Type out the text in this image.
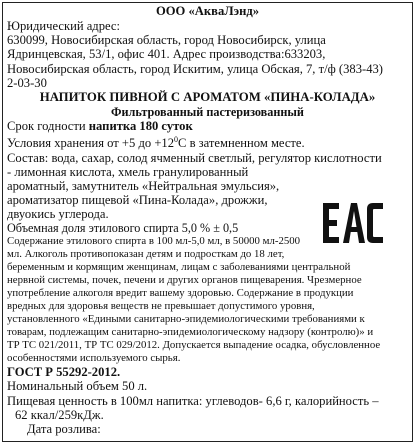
ООО «АкваЛэнд»
Юридический адрес:
630099, Новосибирская область, город Новосибирск, улица
Ядринцевская, 53/1, офис 401. Адрес производства:633203,
Новосибирская область, город Искитим, улица Обская, 7, т/ф (383-43)
2-03-30
НАПИТОК ПИВНОЙ С АРОМАТОМ «ПИНА-КОЛАДА»
Фильтрованный пастеризованный
Срок годности напитка 180 суток
Условия хранения от +5 до $+12^0С$ в затемненном месте.
Состав: вода, сахар, солод ячменный светлый, регулятор кислотности
- лимонная кислота, хмель гранулированный
ароматный, замутнитель «Нейтральная эмульсия»,
ароматизатор пищевой «Пина-Колада», дрожжи,
двуокись углерода.
Объемная доля этилового спирта 5,0 % ± 0,5
Содержание этилового спирта в 100 мл-5,0 мл, в 50000 мл-2500
мл. Алкоголь противопоказан детям и подросткам до 18 лет,
беременным и кормящим женщинам, лицам с заболеваниями центральной
нервной системы, почек, печени и других органов пищеварения. Чрезмерное
употребление алкоголя вредит вашему здоровью. Содержание в продукции
вредных для здоровья веществ не превышает допустимого уровня,
установленного «Едиными санитарно-эпидемиологическими требованиями к
товарам, подлежащим санитарно-эпидемиологическому надзору (контролю)» и
ТР ТС 021/2011, ТР ТС 029/2012. Допускается выпадение осадка, обусловленное
особенностями используемого сырья.
ГОСТ Р 55292-2012.
Номинальный объем 50 л.
Пищевая ценность в 100мл напитка: углеводов- 6,6 г, калорийность –
62 ккал/259кДж.
Дата розлива:
